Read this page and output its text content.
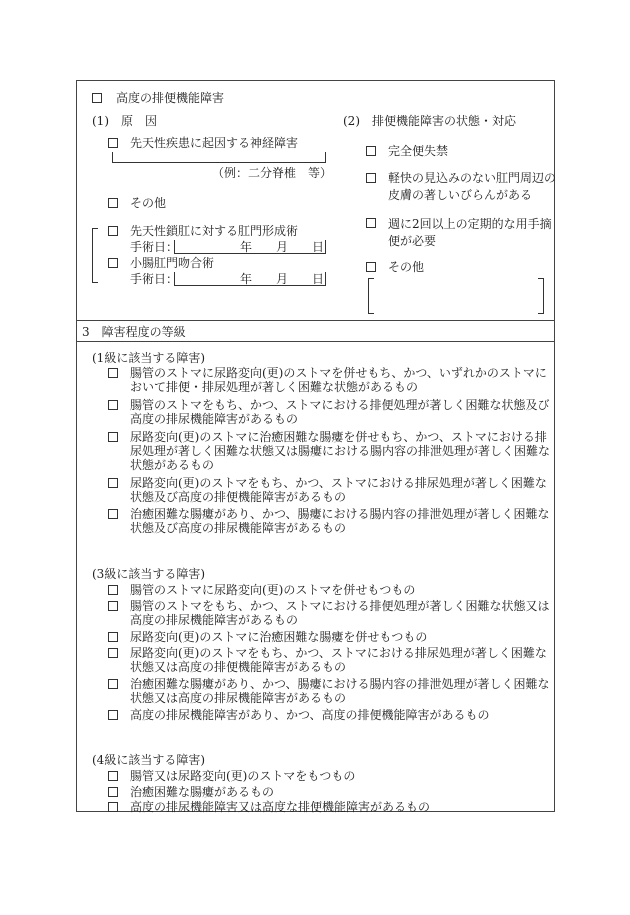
高度の排便機能障害
(1)　原　因
先天性疾患に起因する神経障害
（例：二分脊椎　等）
その他
先天性鎖肛に対する肛門形成術
手術日：	年 月 日
小腸肛門吻合術
手術日：	年 月 日
(2)　排便機能障害の状態・対応
完全便失禁
軽快の見込みのない肛門周辺の皮膚の著しいびらんがある
週に2回以上の定期的な用手摘便が必要
その他
3　障害程度の等級
(1級に該当する障害)
腸管のストマに尿路変向(更)のストマを併せもち、かつ、いずれかのストマにおいて排便・排尿処理が著しく困難な状態があるもの
腸管のストマをもち、かつ、ストマにおける排便処理が著しく困難な状態及び高度の排尿機能障害があるもの
尿路変向(更)のストマに治癒困難な腸瘻を併せもち、かつ、ストマにおける排尿処理が著しく困難な状態又は腸瘻における腸内容の排泄処理が著しく困難な状態があるもの
尿路変向(更)のストマをもち、かつ、ストマにおける排尿処理が著しく困難な状態及び高度の排便機能障害があるもの
治癒困難な腸瘻があり、かつ、腸瘻における腸内容の排泄処理が著しく困難な状態及び高度の排尿機能障害があるもの
(3級に該当する障害)
腸管のストマに尿路変向(更)のストマを併せもつもの
腸管のストマをもち、かつ、ストマにおける排便処理が著しく困難な状態又は高度の排尿機能障害があるもの
尿路変向(更)のストマに治癒困難な腸瘻を併せもつもの
尿路変向(更)のストマをもち、かつ、ストマにおける排尿処理が著しく困難な状態又は高度の排便機能障害があるもの
治癒困難な腸瘻があり、かつ、腸瘻における腸内容の排泄処理が著しく困難な状態又は高度の排尿機能障害があるもの
高度の排尿機能障害があり、かつ、高度の排便機能障害があるもの
(4級に該当する障害)
腸管又は尿路変向(更)のストマをもつもの
治癒困難な腸瘻があるもの
高度の排尿機能障害又は高度な排便機能障害があるもの
